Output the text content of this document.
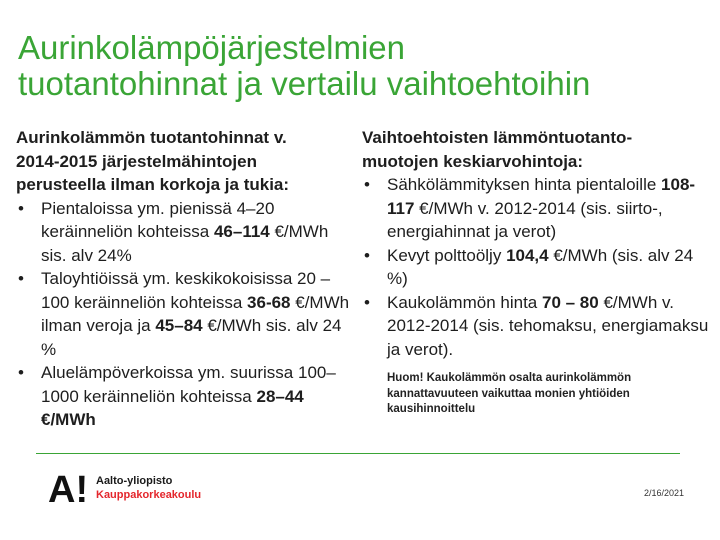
Aurinkolämpöjärjestelmien
tuotantohinnat ja vertailu vaihtoehtoihin

Aurinkolämmön tuotantohinnat v.
2014-2015 järjestelmähintojen
perusteella ilman korkoja ja tukia:

• Pientaloissa ym. pienissä 4–20 keräinneliön kohteissa 46–114 €/MWh sis. alv 24%
• Taloyhtiöissä ym. keskikokoisissa 20 –100 keräinneliön kohteissa 36-68 €/MWh ilman veroja ja 45–84 €/MWh sis. alv 24 %
• Aluelämpöverkoissa ym. suurissa 100–1000 keräinneliön kohteissa 28–44 €/MWh

Vaihtoehtoisten lämmöntuotanto-
muotojen keskiarvohintoja:

• Sähkölämmityksen hinta pientaloille 108-117 €/MWh v. 2012-2014 (sis. siirto-, energiahinnat ja verot)
• Kevyt polttoöljy 104,4 €/MWh (sis. alv 24 %)
• Kaukolämmön hinta 70 – 80 €/MWh v. 2012-2014 (sis. tehomaksu, energiamaksu ja verot).

Huom! Kaukolämmön osalta aurinkolämmön kannattavuuteen vaikuttaa monien yhtiöiden kausihinnoittelu

A! Aalto-yliopisto
Kauppakorkeakoulu	2/16/2021
